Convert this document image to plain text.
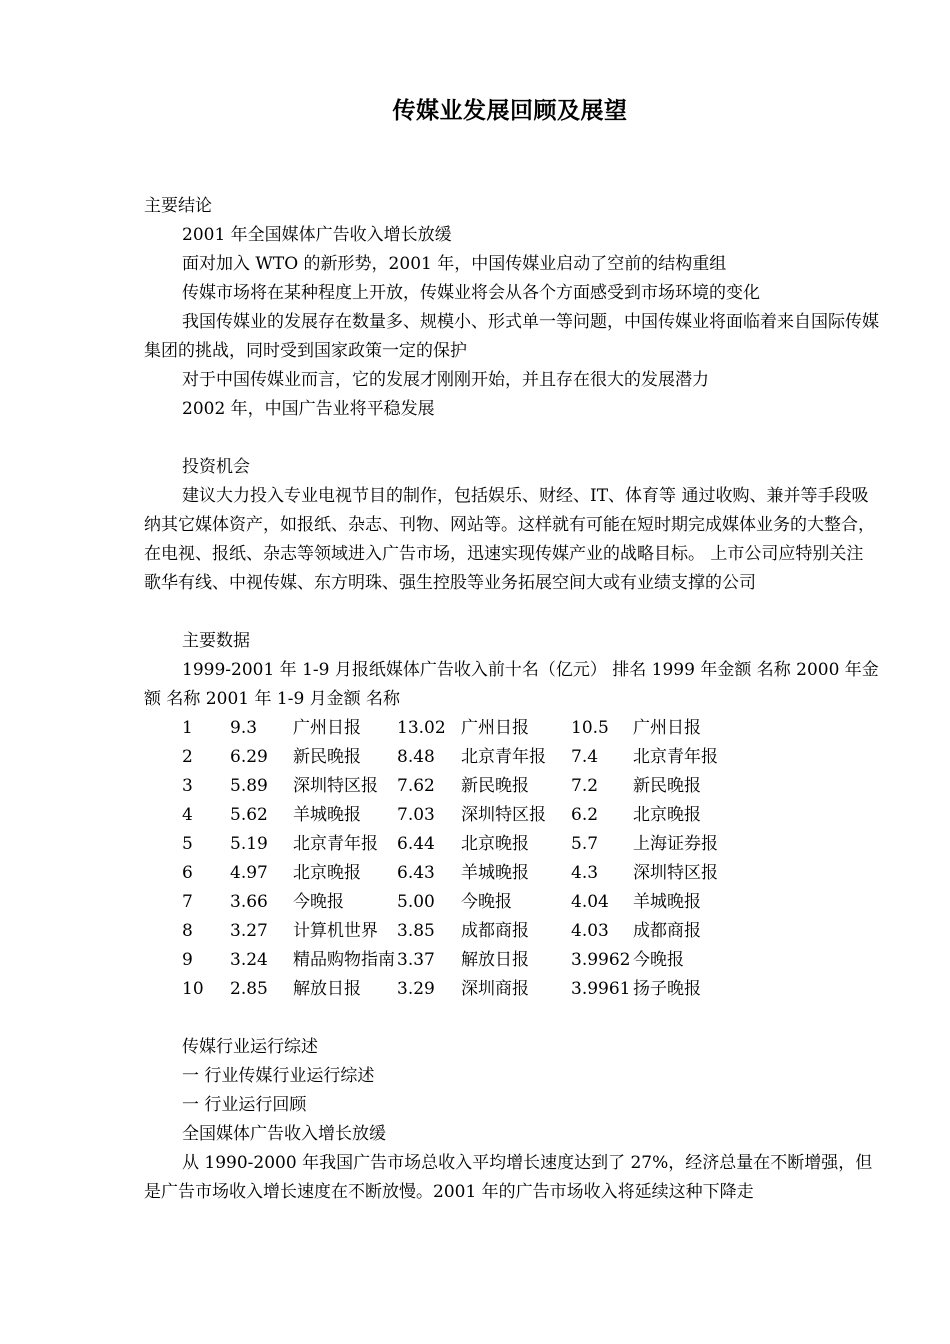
传媒业发展回顾及展望

主要结论

2001 年全国媒体广告收入增长放缓

面对加入 WTO 的新形势，2001 年，中国传媒业启动了空前的结构重组

传媒市场将在某种程度上开放，传媒业将会从各个方面感受到市场环境的变化

我国传媒业的发展存在数量多、规模小、形式单一等问题，中国传媒业将面临着来自国际传媒集团的挑战，同时受到国家政策一定的保护

对于中国传媒业而言，它的发展才刚刚开始，并且存在很大的发展潜力

2002 年，中国广告业将平稳发展

投资机会

建议大力投入专业电视节目的制作，包括娱乐、财经、IT、体育等 通过收购、兼并等手段吸纳其它媒体资产，如报纸、杂志、刊物、网站等。这样就有可能在短时期完成媒体业务的大整合，在电视、报纸、杂志等领域进入广告市场，迅速实现传媒产业的战略目标。 上市公司应特别关注歌华有线、中视传媒、东方明珠、强生控股等业务拓展空间大或有业绩支撑的公司

主要数据

1999-2001 年 1-9 月报纸媒体广告收入前十名（亿元） 排名 1999 年金额 名称 2000 年金额 名称 2001 年 1-9 月金额 名称

1 9.3 广州日报 13.02 广州日报 10.5 广州日报
2 6.29 新民晚报 8.48 北京青年报 7.4 北京青年报
3 5.89 深圳特区报 7.62 新民晚报 7.2 新民晚报
4 5.62 羊城晚报 7.03 深圳特区报 6.2 北京晚报
5 5.19 北京青年报 6.44 北京晚报 5.7 上海证券报
6 4.97 北京晚报 6.43 羊城晚报 4.3 深圳特区报
7 3.66 今晚报	5.00 今晚报	4.04 羊城晚报
8 3.27 计算机世界 3.85 成都商报 4.03 成都商报
9 3.24 精品购物指南 3.37 解放日报 3.9962 今晚报
10 2.85 解放日报 3.29 深圳商报 3.9961 扬子晚报

传媒行业运行综述

一 行业传媒行业运行综述

一 行业运行回顾

全国媒体广告收入增长放缓

从 1990-2000 年我国广告市场总收入平均增长速度达到了 27%，经济总量在不断增强，但是广告市场收入增长速度在不断放慢。2001 年的广告市场收入将延续这种下降走
